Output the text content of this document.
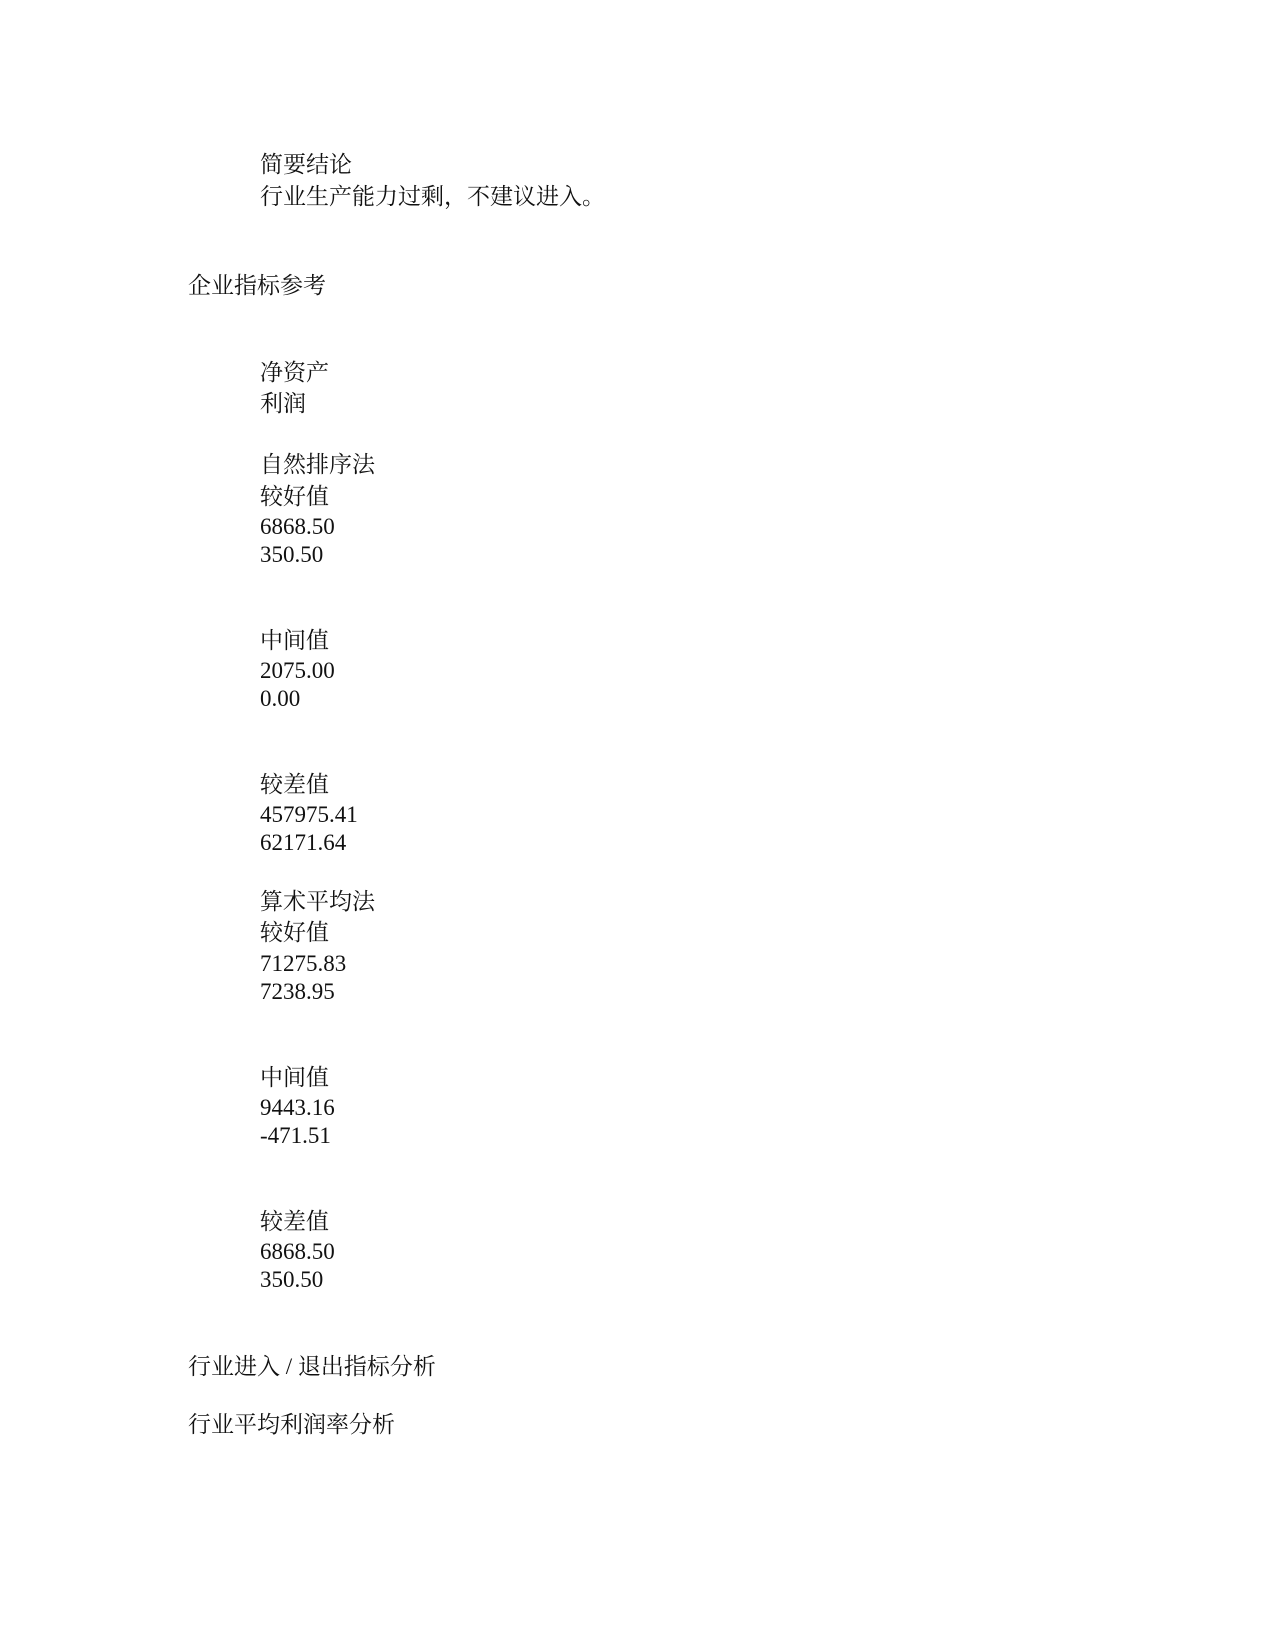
简要结论
行业生产能力过剩，不建议进入。
企业指标参考
净资产
利润
自然排序法
较好值
6868.50
350.50
中间值
2075.00
0.00
较差值
457975.41
62171.64
算术平均法
较好值
71275.83
7238.95
中间值
9443.16
-471.51
较差值
6868.50
350.50
行业进入 / 退出指标分析
行业平均利润率分析
